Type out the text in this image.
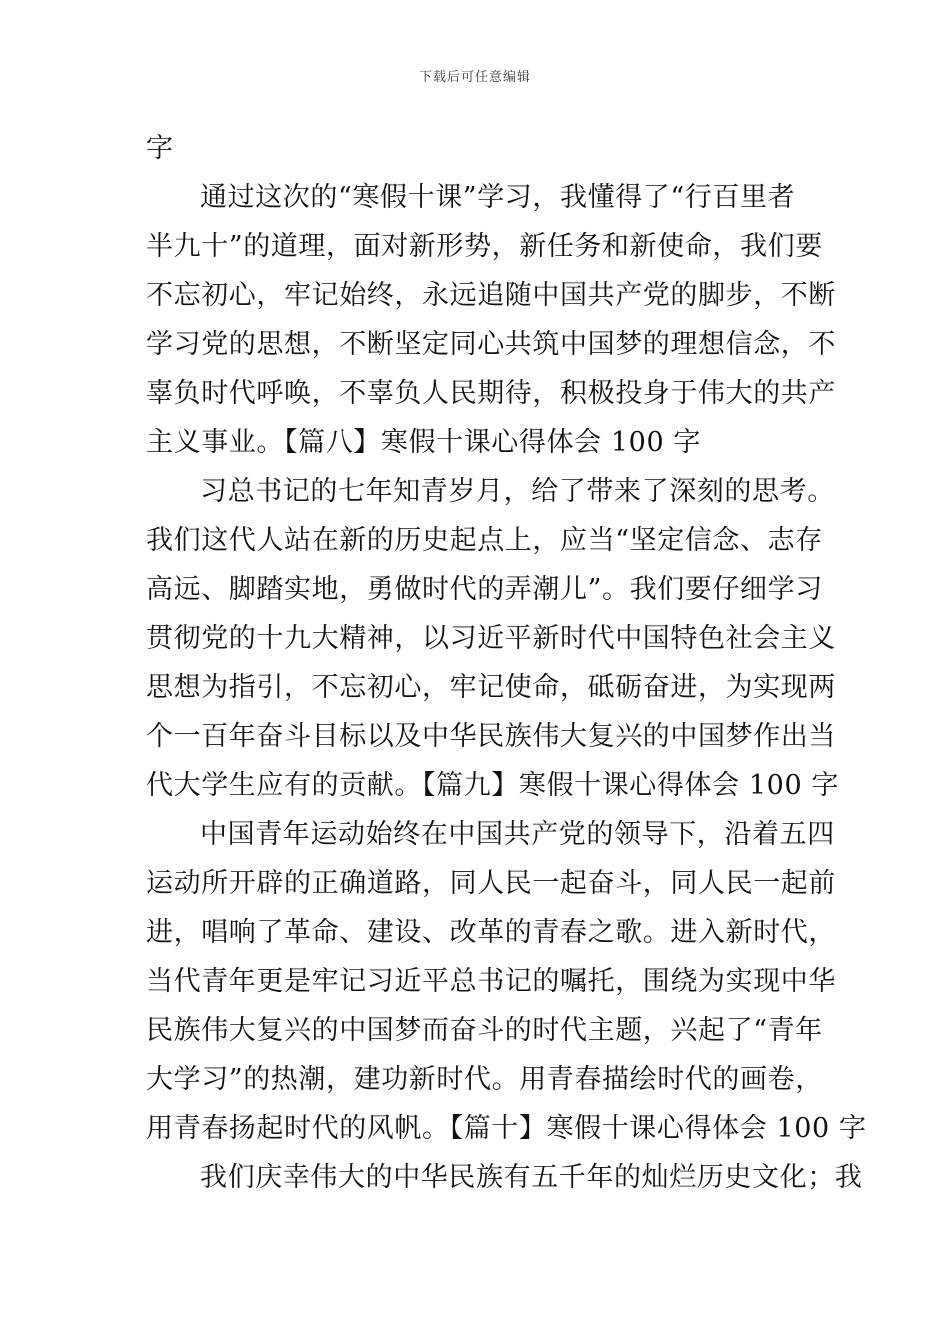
下载后可任意编辑
字
通过这次的“寒假十课”学习，我懂得了“行百里者
半九十”的道理，面对新形势，新任务和新使命，我们要
不忘初心，牢记始终，永远追随中国共产党的脚步，不断
学习党的思想，不断坚定同心共筑中国梦的理想信念，不
辜负时代呼唤，不辜负人民期待，积极投身于伟大的共产
主义事业。【篇八】寒假十课心得体会 100 字
习总书记的七年知青岁月，给了带来了深刻的思考。
我们这代人站在新的历史起点上，应当“坚定信念、志存
高远、脚踏实地，勇做时代的弄潮儿”。我们要仔细学习
贯彻党的十九大精神，以习近平新时代中国特色社会主义
思想为指引，不忘初心，牢记使命，砥砺奋进，为实现两
个一百年奋斗目标以及中华民族伟大复兴的中国梦作出当
代大学生应有的贡献。【篇九】寒假十课心得体会 100 字
中国青年运动始终在中国共产党的领导下，沿着五四
运动所开辟的正确道路，同人民一起奋斗，同人民一起前
进，唱响了革命、建设、改革的青春之歌。进入新时代，
当代青年更是牢记习近平总书记的嘱托，围绕为实现中华
民族伟大复兴的中国梦而奋斗的时代主题，兴起了“青年
大学习”的热潮，建功新时代。用青春描绘时代的画卷，
用青春扬起时代的风帆。【篇十】寒假十课心得体会 100 字
我们庆幸伟大的中华民族有五千年的灿烂历史文化；我
